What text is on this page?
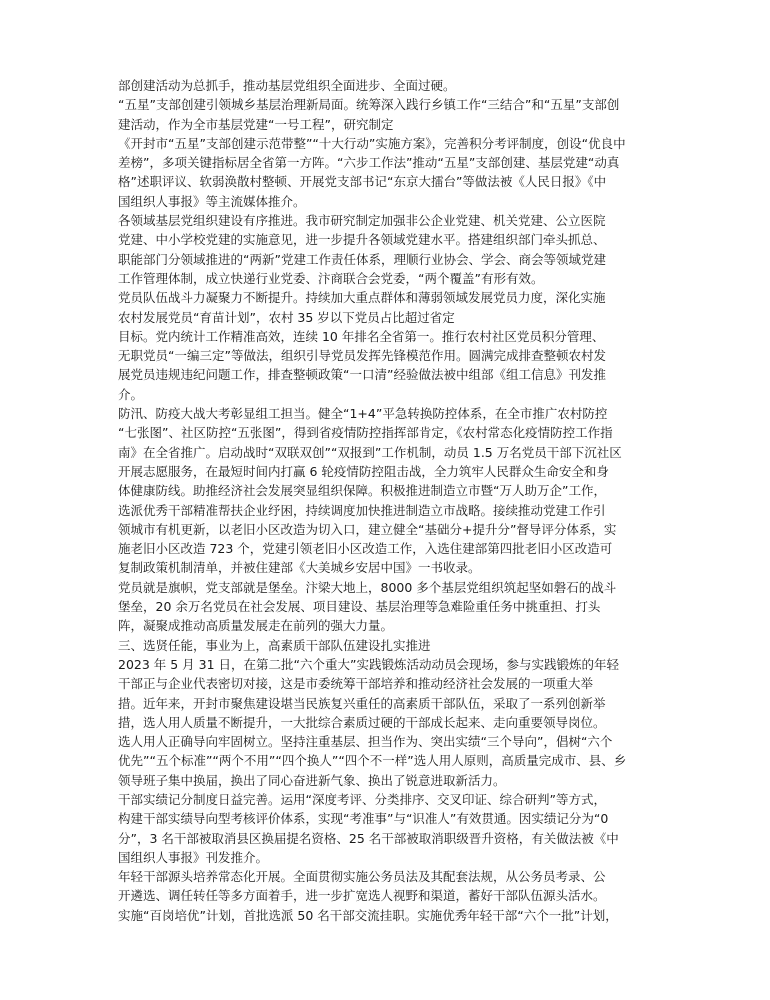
部创建活动为总抓手，推动基层党组织全面进步、全面过硬。
“五星”支部创建引领城乡基层治理新局面。统筹深入践行乡镇工作“三结合”和“五星”支部创
建活动，作为全市基层党建“一号工程”，研究制定
《开封市“五星”支部创建示范带整”“十大行动”实施方案》，完善积分考评制度，创设“优良中
差榜”，多项关键指标居全省第一方阵。“六步工作法”推动“五星”支部创建、基层党建“动真
格”述职评议、软弱涣散村整顿、开展党支部书记“东京大擂台”等做法被《人民日报》《中
国组织人事报》等主流媒体推介。
各领域基层党组织建设有序推进。我市研究制定加强非公企业党建、机关党建、公立医院
党建、中小学校党建的实施意见，进一步提升各领域党建水平。搭建组织部门牵头抓总、
职能部门分领域推进的“两新”党建工作责任体系，理顺行业协会、学会、商会等领域党建
工作管理体制，成立快递行业党委、汴商联合会党委，“两个覆盖”有形有效。
党员队伍战斗力凝聚力不断提升。持续加大重点群体和薄弱领域发展党员力度，深化实施
农村发展党员“育苗计划”，农村 35 岁以下党员占比超过省定
目标。党内统计工作精准高效，连续 10 年排名全省第一。推行农村社区党员积分管理、
无职党员“一编三定”等做法，组织引导党员发挥先锋模范作用。圆满完成排查整顿农村发
展党员违规违纪问题工作，排查整顿政策“一口清”经验做法被中组部《组工信息》刊发推
介。
防汛、防疫大战大考彰显组工担当。健全“1+4”平急转换防控体系，在全市推广农村防控
“七张图”、社区防控“五张图”，得到省疫情防控指挥部肯定，《农村常态化疫情防控工作指
南》在全省推广。启动战时“双联双创”“双报到”工作机制，动员 1.5 万名党员干部下沉社区
开展志愿服务，在最短时间内打赢 6 轮疫情防控阻击战，全力筑牢人民群众生命安全和身
体健康防线。助推经济社会发展突显组织保障。积极推进制造立市暨“万人助万企”工作，
选派优秀干部精准帮扶企业纾困，持续调度加快推进制造立市战略。接续推动党建工作引
领城市有机更新，以老旧小区改造为切入口，建立健全“基础分+提升分”督导评分体系，实
施老旧小区改造 723 个，党建引领老旧小区改造工作，入选住建部第四批老旧小区改造可
复制政策机制清单，并被住建部《大美城乡安居中国》一书收录。
党员就是旗帜，党支部就是堡垒。汴梁大地上，8000 多个基层党组织筑起坚如磐石的战斗
堡垒，20 余万名党员在社会发展、项目建设、基层治理等急难险重任务中挑重担、打头
阵，凝聚成推动高质量发展走在前列的强大力量。
三、选贤任能，事业为上，高素质干部队伍建设扎实推进
2023 年 5 月 31 日，在第二批“六个重大”实践锻炼活动动员会现场，参与实践锻炼的年轻
干部正与企业代表密切对接，这是市委统筹干部培养和推动经济社会发展的一项重大举
措。近年来，开封市聚焦建设堪当民族复兴重任的高素质干部队伍，采取了一系列创新举
措，选人用人质量不断提升，一大批综合素质过硬的干部成长起来、走向重要领导岗位。
选人用人正确导向牢固树立。坚持注重基层、担当作为、突出实绩“三个导向”，倡树“六个
优先”“五个标准”“两个不用”“四个换人”“四个不一样”选人用人原则，高质量完成市、县、乡
领导班子集中换届，换出了同心奋进新气象、换出了锐意进取新活力。
干部实绩记分制度日益完善。运用“深度考评、分类排序、交叉印证、综合研判”等方式，
构建干部实绩导向型考核评价体系，实现“考准事”与“识准人”有效贯通。因实绩记分为“0
分”，3 名干部被取消县区换届提名资格、25 名干部被取消职级晋升资格，有关做法被《中
国组织人事报》刊发推介。
年轻干部源头培养常态化开展。全面贯彻实施公务员法及其配套法规，从公务员考录、公
开遴选、调任转任等多方面着手，进一步扩宽选人视野和渠道，蓄好干部队伍源头活水。
实施“百岗培优”计划，首批选派 50 名干部交流挂职。实施优秀年轻干部“六个一批”计划，
